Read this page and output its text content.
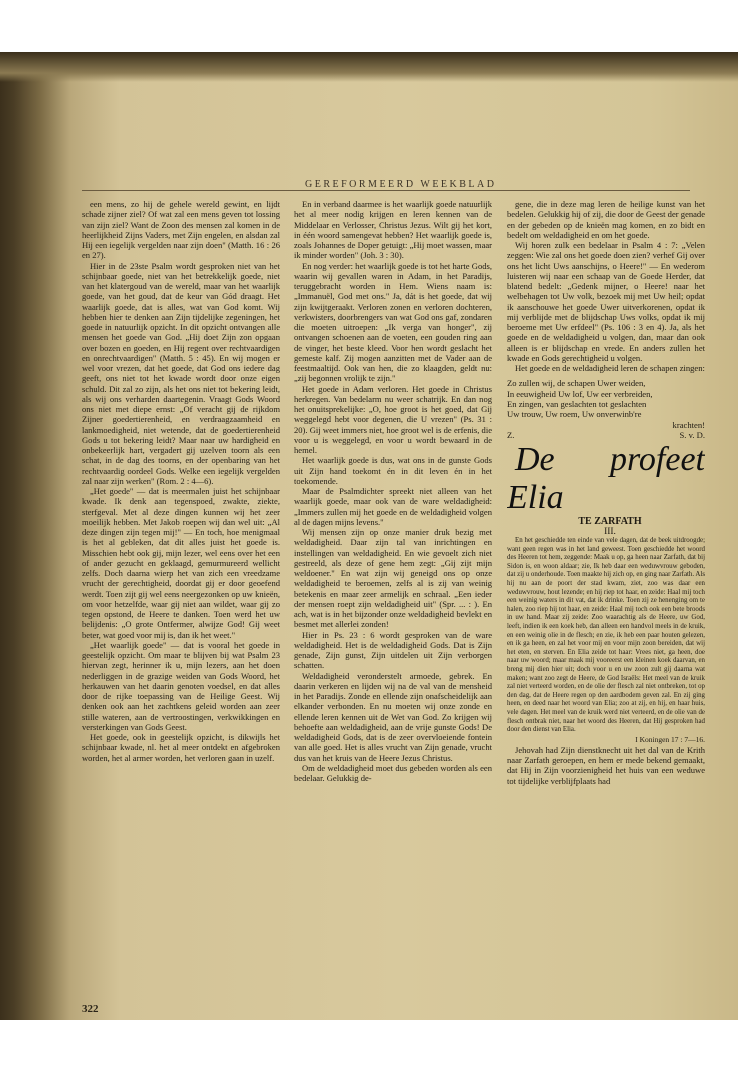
GEREFORMEERD WEEKBLAD

een mens, zo hij de gehele wereld gewint, en lijdt schade zijner ziel? Of wat zal een mens geven tot lossing van zijn ziel? Want de Zoon des mensen zal komen in de heerlijkheid Zijns Vaders, met Zijn engelen, en alsdan zal Hij een iegelijk vergelden naar zijn doen" (Matth. 16 : 26 en 27).

Hier in de 23ste Psalm wordt gesproken niet van het schijnbaar goede, niet van het betrekkelijk goede, niet van het klatergoud van de wereld, maar van het waarlijk goede, van het goud, dat de keur van Gód draagt. Het waarlijk goede, dat is alles, wat van God komt. Wij hebben hier te denken aan Zijn tijdelijke zegeningen, het goede in natuurlijk opzicht. In dit opzicht ontvangen alle mensen het goede van God. „Hij doet Zijn zon opgaan over bozen en goeden, en Hij regent over rechtvaardigen en onrechtvaardigen" (Matth. 5 : 45). En wij mogen er wel voor vrezen, dat het goede, dat God ons iedere dag geeft, ons niet tot het kwade wordt door onze eigen schuld. Dit zal zo zijn, als het ons niet tot bekering leidt, als wij ons verharden daartegenin. Vraagt Gods Woord ons niet met diepe ernst: „Of veracht gij de rijkdom Zijner goedertierenheid, en verdraagzaamheid en lankmoedigheid, niet wetende, dat de goedertierenheid Gods u tot bekering leidt? Maar naar uw hardigheid en onbekeerlijk hart, vergadert gij uzelven toorn als een schat, in de dag des toorns, en der openbaring van het rechtvaardig oordeel Gods. Welke een iegelijk vergelden zal naar zijn werken" (Rom. 2 : 4—6).

„Het goede" — dat is meermalen juist het schijnbaar kwade. Ik denk aan tegenspoed, zwakte, ziekte, sterfgeval. Met al deze dingen kunnen wij het zeer moeilijk hebben. Met Jakob roepen wij dan wel uit: „Al deze dingen zijn tegen mij!" — En toch, hoe menigmaal is het al gebleken, dat dit alles juist het goede is. Misschien hebt ook gij, mijn lezer, wel eens over het een of ander gezucht en geklaagd, gemurmureerd wellicht zelfs. Doch daarna wierp het van zich een vreedzame vrucht der gerechtigheid, doordat gij er door geoefend werdt. Toen zijt gij wel eens neergezonken op uw knieën, om voor hetzelfde, waar gij niet aan wildet, waar gij zo tegen opstond, de Heere te danken. Toen werd het uw belijdenis: „O grote Ontfermer, alwijze God! Gij weet beter, wat goed voor mij is, dan ik het weet."

„Het waarlijk goede" — dat is vooral het goede in geestelijk opzicht. Om maar te blijven bij wat Psalm 23 hiervan zegt, herinner ik u, mijn lezers, aan het doen nederliggen in de grazige weiden van Gods Woord, het herkauwen van het daarin genoten voedsel, en dat alles door de rijke toepassing van de Heilige Geest. Wij denken ook aan het zachtkens geleid worden aan zeer stille wateren, aan de vertroostingen, verkwikkingen en versterkingen van Gods Geest.

Het goede, ook in geestelijk opzicht, is dikwijls het schijnbaar kwade, nl. het al meer ontdekt en afgebroken worden, het al armer worden, het verloren gaan in uzelf.

En in verband daarmee is het waarlijk goede natuurlijk het al meer nodig krijgen en leren kennen van de Middelaar en Verlosser, Christus Jezus. Wilt gij het kort, in één woord samengevat hebben? Het waarlijk goede is, zoals Johannes de Doper getuigt: „Hij moet wassen, maar ik minder worden" (Joh. 3 : 30).

En nog verder: het waarlijk goede is tot het harte Gods, waarin wij gevallen waren in Adam, in het Paradijs, teruggebracht worden in Hem. Wiens naam is: „Immanuël, God met ons." Ja, dát is het goede, dat wij zijn kwijtgeraakt. Verloren zonen en verloren dochteren, verkwisters, doorbrengers van wat God ons gaf, zondaren die moeten uitroepen: „Ik verga van honger", zij ontvangen schoenen aan de voeten, een gouden ring aan de vinger, het beste kleed. Voor hen wordt geslacht het gemeste kalf. Zij mogen aanzitten met de Vader aan de feestmaaltijd. Ook van hen, die zo klaagden, geldt nu: „zij begonnen vrolijk te zijn."

Het goede in Adam verloren. Het goede in Christus herkregen. Van bedelarm nu weer schatrijk. En dan nog het onuitsprekelijke: „O, hoe groot is het goed, dat Gij weggelegd hebt voor degenen, die U vrezen" (Ps. 31 : 20). Gij weet immers niet, hoe groot wel is de erfenis, die voor u is weggelegd, en voor u wordt bewaard in de hemel.

Het waarlijk goede is dus, wat ons in de gunste Gods uit Zijn hand toekomt én in dit leven én in het toekomende.

Maar de Psalmdichter spreekt niet alleen van het waarlijk goede, maar ook van de ware weldadigheid: „Immers zullen mij het goede en de weldadigheid volgen al de dagen mijns levens."

Wij mensen zijn op onze manier druk bezig met weldadigheid. Daar zijn tal van inrichtingen en instellingen van weldadigheid. En wie gevoelt zich niet gestreeld, als deze of gene hem zegt: „Gij zijt mijn weldoener." En wat zijn wij geneigd ons op onze weldadigheid te beroemen, zelfs al is zij van weinig betekenis en maar zeer armelijk en schraal. „Een ieder der mensen roept zijn weldadigheid uit" (Spr. ... : ). En ach, wat is in het bijzonder onze weldadigheid bevlekt en besmet met allerlei zonden!

Hier in Ps. 23 : 6 wordt gesproken van de ware weldadigheid. Het is de weldadigheid Gods. Dat is Zijn genade, Zijn gunst, Zijn uitdelen uit Zijn verborgen schatten.

Weldadigheid veronderstelt armoede, gebrek. En daarin verkeren en lijden wij na de val van de mensheid in het Paradijs. Zonde en ellende zijn onafscheidelijk aan elkander verbonden. En nu moeten wij onze zonde en ellende leren kennen uit de Wet van God. Zo krijgen wij behoefte aan weldadigheid, aan de vrije gunste Gods! De weldadigheid Gods, dat is de zeer overvloeiende fontein van alle goed. Het is alles vrucht van Zijn genade, vrucht dus van het kruis van de Heere Jezus Christus.

Om de weldadigheid moet dus gebeden worden als een bedelaar. Gelukkig de-

gene, die in deze mag leren de heilige kunst van het bedelen. Gelukkig hij of zij, die door de Geest der genade en der gebeden op de knieën mag komen, en zo bidt en bedelt om weldadigheid en om het goede.

Wij horen zulk een bedelaar in Psalm 4 : 7: „Velen zeggen: Wie zal ons het goede doen zien? verhef Gij over ons het licht Uws aanschijns, o Heere!" — En wederom luisteren wij naar een schaap van de Goede Herder, dat blatend bedelt: „Gedenk mijner, o Heere! naar het welbehagen tot Uw volk, bezoek mij met Uw heil; opdat ik aanschouwe het goede Uwer uitverkorenen, opdat ik mij verblijde met de blijdschap Uws volks, opdat ik mij beroeme met Uw erfdeel" (Ps. 106 : 3 en 4). Ja, als het goede en de weldadigheid u volgen, dan, maar dan ook alleen is er blijdschap en vrede. En anders zullen het kwade en Gods gerechtigheid u volgen.

Het goede en de weldadigheid leren de schapen zingen:

Zo zullen wij, de schapen Uwer weiden,

In eeuwigheid Uw lof, Uw eer verbreiden,

En zingen, van geslachten tot geslachten

Uw trouw, Uw roem, Uw onverwinb're

krachten!

Z.	S. v. D.

De profeet Elia

TE ZARFATH

III.

En het geschiedde ten einde van vele dagen, dat de beek uitdroogde; want geen regen was in het land geweest. Toen geschiedde het woord des Heeren tot hem, zeggende: Maak u op, ga heen naar Zarfath, dat bij Sidon is, en woon aldaar; zie, Ik heb daar een weduwvrouw geboden, dat zij u onderhoude. Toen maakte hij zich op, en ging naar Zarfath. Als hij nu aan de poort der stad kwam, ziet, zoo was daar een weduwvrouw, hout lezende; en hij riep tot haar, en zeide: Haal mij toch een weinig waters in dit vat, dat ik drinke. Toen zij ze henenging om te halen, zoo riep hij tot haar, en zeide: Haal mij toch ook een bete broods in uw hand. Maar zij zeide: Zoo waarachtig als de Heere, uw God, leeft, indien ik een koek heb, dan alleen een handvol meels in de kruik, en een weinig olie in de flesch; en zie, ik heb een paar houten gelezen, en ik ga heen, en zal het voor mij en voor mijn zoon bereiden, dat wij het eten, en sterven. En Elia zeide tot haar: Vrees niet, ga heen, doe naar uw woord; maar maak mij vooreerst een kleinen koek daarvan, en breng mij dien hier uit; doch voor u en uw zoon zult gij daarna wat maken; want zoo zegt de Heere, de God Israëls: Het meel van de kruik zal niet verteerd worden, en de olie der flesch zal niet ontbreken, tot op den dag, dat de Heere regen op den aardbodem geven zal. En zij ging heen, en deed naar het woord van Elia; zoo at zij, en hij, en haar huis, vele dagen. Het meel van de kruik werd niet verteerd, en de olie van de flesch ontbrak niet, naar het woord des Heeren, dat Hij gesproken had door den dienst van Elia.

I Koningen 17 : 7—16.

Jehovah had Zijn dienstknecht uit het dal van de Krith naar Zarfath geroepen, en hem er mede bekend gemaakt, dat Hij in Zijn voorzienigheid het huis van een weduwe tot tijdelijke verblijfplaats had

322
